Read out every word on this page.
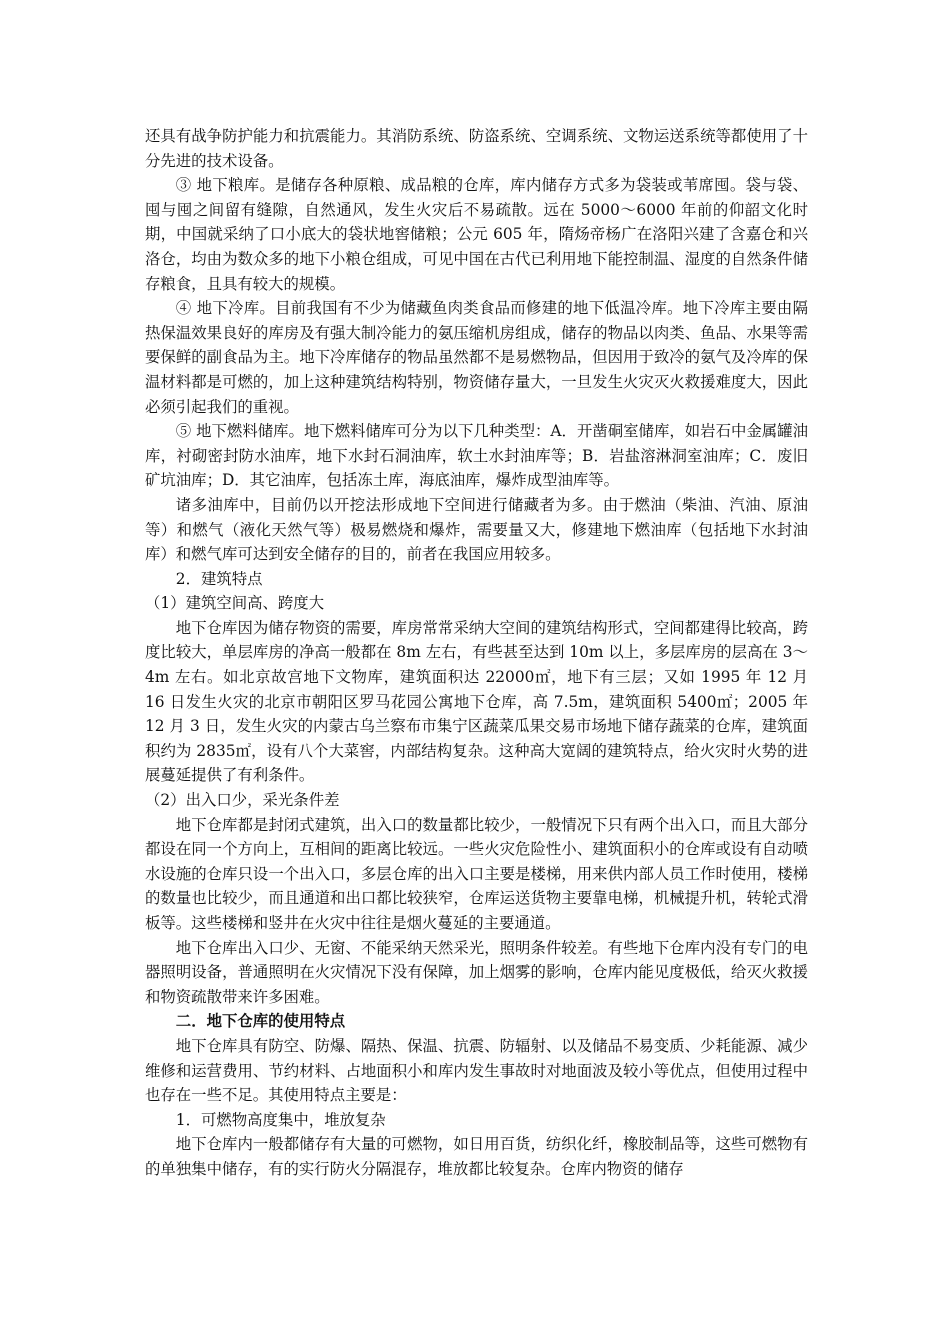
还具有战争防护能力和抗震能力。其消防系统、防盗系统、空调系统、文物运送系统等都使用了十分先进的技术设备。

③ 地下粮库。是储存各种原粮、成品粮的仓库，库内储存方式多为袋装或苇席囤。袋与袋、囤与囤之间留有缝隙，自然通风，发生火灾后不易疏散。远在 5000～6000 年前的仰韶文化时期，中国就采纳了口小底大的袋状地窖储粮；公元 605 年，隋炀帝杨广在洛阳兴建了含嘉仓和兴洛仓，均由为数众多的地下小粮仓组成，可见中国在古代已利用地下能控制温、湿度的自然条件储存粮食，且具有较大的规模。

④ 地下冷库。目前我国有不少为储藏鱼肉类食品而修建的地下低温冷库。地下冷库主要由隔热保温效果良好的库房及有强大制冷能力的氨压缩机房组成，储存的物品以肉类、鱼品、水果等需要保鲜的副食品为主。地下冷库储存的物品虽然都不是易燃物品，但因用于致冷的氨气及冷库的保温材料都是可燃的，加上这种建筑结构特别，物资储存量大，一旦发生火灾灭火救援难度大，因此必须引起我们的重视。

⑤ 地下燃料储库。地下燃料储库可分为以下几种类型：A．开凿硐室储库，如岩石中金属罐油库，衬砌密封防水油库，地下水封石洞油库，软土水封油库等；B．岩盐溶淋洞室油库；C．废旧矿坑油库；D．其它油库，包括冻土库，海底油库，爆炸成型油库等。

诸多油库中，目前仍以开挖法形成地下空间进行储藏者为多。由于燃油（柴油、汽油、原油等）和燃气（液化天然气等）极易燃烧和爆炸，需要量又大，修建地下燃油库（包括地下水封油库）和燃气库可达到安全储存的目的，前者在我国应用较多。

2．建筑特点

（1）建筑空间高、跨度大

地下仓库因为储存物资的需要，库房常常采纳大空间的建筑结构形式，空间都建得比较高，跨度比较大，单层库房的净高一般都在 8m 左右，有些甚至达到 10m 以上，多层库房的层高在 3～4m 左右。如北京故宫地下文物库，建筑面积达 22000㎡，地下有三层；又如 1995 年 12 月 16 日发生火灾的北京市朝阳区罗马花园公寓地下仓库，高 7.5m，建筑面积 5400㎡；2005 年 12 月 3 日，发生火灾的内蒙古乌兰察布市集宁区蔬菜瓜果交易市场地下储存蔬菜的仓库，建筑面积约为 2835㎡，设有八个大菜窖，内部结构复杂。这种高大宽阔的建筑特点，给火灾时火势的进展蔓延提供了有利条件。

（2）出入口少，采光条件差

地下仓库都是封闭式建筑，出入口的数量都比较少，一般情况下只有两个出入口，而且大部分都设在同一个方向上，互相间的距离比较远。一些火灾危险性小、建筑面积小的仓库或设有自动喷水设施的仓库只设一个出入口，多层仓库的出入口主要是楼梯，用来供内部人员工作时使用，楼梯的数量也比较少，而且通道和出口都比较狭窄，仓库运送货物主要靠电梯，机械提升机，转轮式滑板等。这些楼梯和竖井在火灾中往往是烟火蔓延的主要通道。

地下仓库出入口少、无窗、不能采纳天然采光，照明条件较差。有些地下仓库内没有专门的电器照明设备，普通照明在火灾情况下没有保障，加上烟雾的影响，仓库内能见度极低，给灭火救援和物资疏散带来许多困难。

二．地下仓库的使用特点

地下仓库具有防空、防爆、隔热、保温、抗震、防辐射、以及储品不易变质、少耗能源、减少维修和运营费用、节约材料、占地面积小和库内发生事故时对地面波及较小等优点，但使用过程中也存在一些不足。其使用特点主要是：

1．可燃物高度集中，堆放复杂

地下仓库内一般都储存有大量的可燃物，如日用百货，纺织化纤，橡胶制品等，这些可燃物有的单独集中储存，有的实行防火分隔混存，堆放都比较复杂。仓库内物资的储存
